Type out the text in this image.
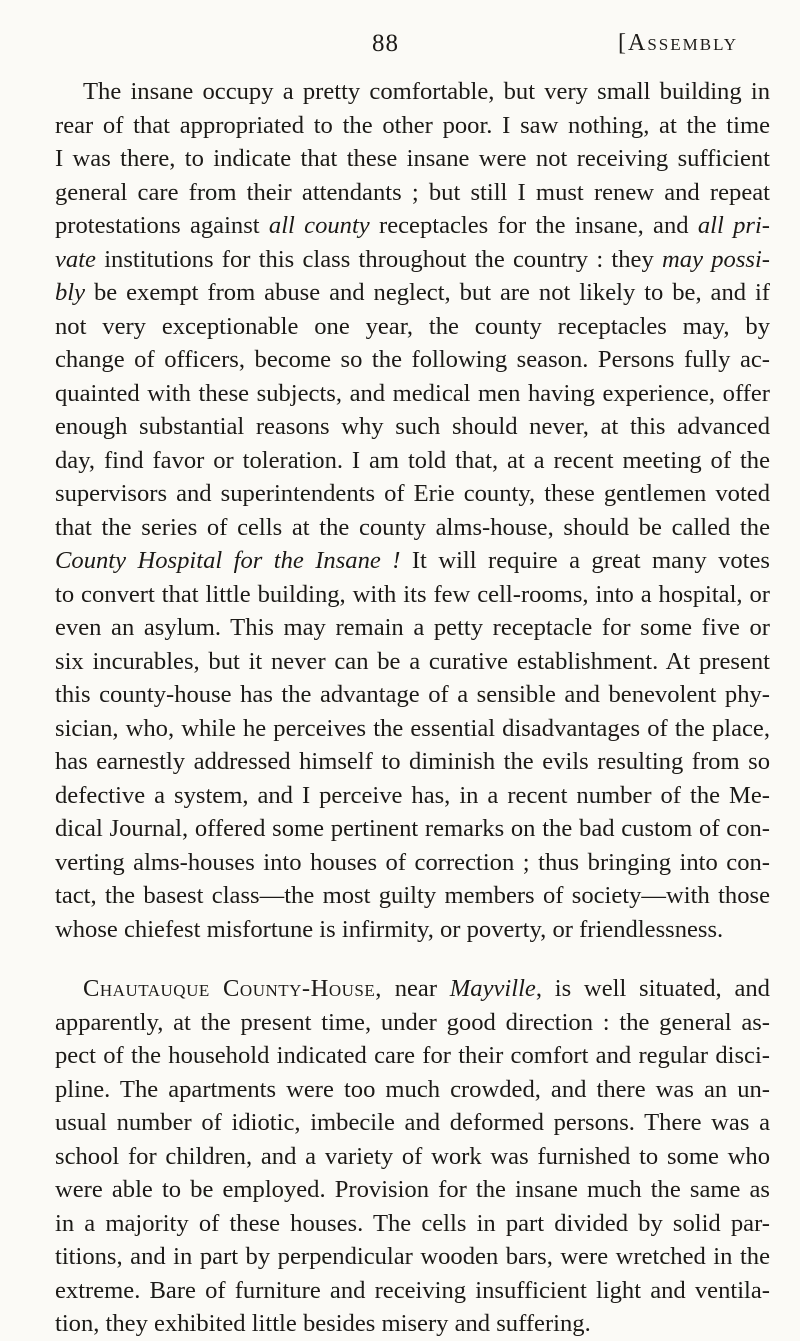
88	[Assembly
The insane occupy a pretty comfortable, but very small building in
rear of that appropriated to the other poor. I saw nothing, at the time
I was there, to indicate that these insane were not receiving sufficient
general care from their attendants ; but still I must renew and repeat
protestations against all county receptacles for the insane, and all pri-
vate institutions for this class throughout the country : they may possi-
bly be exempt from abuse and neglect, but are not likely to be, and if
not very exceptionable one year, the county receptacles may, by
change of officers, become so the following season. Persons fully ac-
quainted with these subjects, and medical men having experience, offer
enough substantial reasons why such should never, at this advanced
day, find favor or toleration. I am told that, at a recent meeting of the
supervisors and superintendents of Erie county, these gentlemen voted
that the series of cells at the county alms-house, should be called the
County Hospital for the Insane ! It will require a great many votes
to convert that little building, with its few cell-rooms, into a hospital, or
even an asylum. This may remain a petty receptacle for some five or
six incurables, but it never can be a curative establishment. At present
this county-house has the advantage of a sensible and benevolent phy-
sician, who, while he perceives the essential disadvantages of the place,
has earnestly addressed himself to diminish the evils resulting from so
defective a system, and I perceive has, in a recent number of the Me-
dical Journal, offered some pertinent remarks on the bad custom of con-
verting alms-houses into houses of correction ; thus bringing into con-
tact, the basest class—the most guilty members of society—with those
whose chiefest misfortune is infirmity, or poverty, or friendlessness.
Chautauque County-House, near Mayville, is well situated, and
apparently, at the present time, under good direction : the general as-
pect of the household indicated care for their comfort and regular disci-
pline. The apartments were too much crowded, and there was an un-
usual number of idiotic, imbecile and deformed persons. There was a
school for children, and a variety of work was furnished to some who
were able to be employed. Provision for the insane much the same as
in a majority of these houses. The cells in part divided by solid par-
titions, and in part by perpendicular wooden bars, were wretched in the
extreme. Bare of furniture and receiving insufficient light and ventila-
tion, they exhibited little besides misery and suffering.
